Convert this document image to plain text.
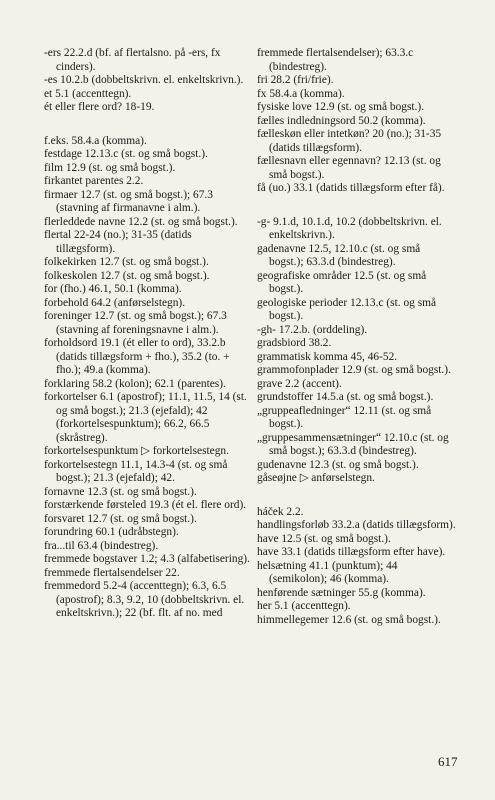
-ers 22.2.d (bf. af flertalsno. på -ers, fx cinders).
-es 10.2.b (dobbeltskrivn. el. enkeltskrivn.).
et 5.1 (accenttegn).
ét eller flere ord? 18-19.
f.eks. 58.4.a (komma).
festdage 12.13.c (st. og små bogst.).
film 12.9 (st. og små bogst.).
firkantet parentes 2.2.
firmaer 12.7 (st. og små bogst.); 67.3 (stavning af firmanavne i alm.).
flerleddede navne 12.2 (st. og små bogst.).
flertal 22-24 (no.); 31-35 (datids tillægsform).
folkekirken 12.7 (st. og små bogst.).
folkeskolen 12.7 (st. og små bogst.).
for (fho.) 46.1, 50.1 (komma).
forbehold 64.2 (anførselstegn).
foreninger 12.7 (st. og små bogst.); 67.3 (stavning af foreningsnavne i alm.).
forholdsord 19.1 (ét eller to ord), 33.2.b (datids tillægsform + fho.), 35.2 (to. + fho.); 49.a (komma).
forklaring 58.2 (kolon); 62.1 (parentes).
forkortelser 6.1 (apostrof); 11.1, 11.5, 14 (st. og små bogst.); 21.3 (ejefald); 42 (forkortelsespunktum); 66.2, 66.5 (skråstreg).
forkortelsespunktum ▷ forkortelsestegn.
forkortelsestegn 11.1, 14.3-4 (st. og små bogst.); 21.3 (ejefald); 42.
fornavne 12.3 (st. og små bogst.).
forstærkende førsteled 19.3 (ét el. flere ord).
forsvaret 12.7 (st. og små bogst.).
forundring 60.1 (udråbstegn).
fra...til 63.4 (bindestreg).
fremmede bogstaver 1.2; 4.3 (alfabetisering).
fremmede flertalsendelser 22.
fremmedord 5.2-4 (accenttegn); 6.3, 6.5 (apostrof); 8.3, 9.2, 10 (dobbeltskrivn. el. enkeltskrivn.); 22 (bf. flt. af no. med
fremmede flertalsendelser); 63.3.c (bindestreg).
fri 28.2 (fri/frie).
fx 58.4.a (komma).
fysiske love 12.9 (st. og små bogst.).
fælles indledningsord 50.2 (komma).
fælleskøn eller intetkøn? 20 (no.); 31-35 (datids tillægsform).
fællesnavn eller egennavn? 12.13 (st. og små bogst.).
få (uo.) 33.1 (datids tillægsform efter få).
-g- 9.1.d, 10.1.d, 10.2 (dobbeltskrivn. el. enkeltskrivn.).
gadenavne 12.5, 12.10.c (st. og små bogst.); 63.3.d (bindestreg).
geografiske områder 12.5 (st. og små bogst.).
geologiske perioder 12.13.c (st. og små bogst.).
-gh- 17.2.b. (orddeling).
gradsbiord 38.2.
grammatisk komma 45, 46-52.
grammofonplader 12.9 (st. og små bogst.).
grave 2.2 (accent).
grundstoffer 14.5.a (st. og små bogst.).
„gruppeafledninger“ 12.11 (st. og små bogst.).
„gruppesammensætninger“ 12.10.c (st. og små bogst.); 63.3.d (bindestreg).
gudenavne 12.3 (st. og små bogst.).
gåseøjne ▷ anførselstegn.
háček 2.2.
handlingsforløb 33.2.a (datids tillægsform).
have 12.5 (st. og små bogst.).
have 33.1 (datids tillægsform efter have).
helsætning 41.1 (punktum); 44 (semikolon); 46 (komma).
henførende sætninger 55.g (komma).
her 5.1 (accenttegn).
himmellegemer 12.6 (st. og små bogst.).
617
